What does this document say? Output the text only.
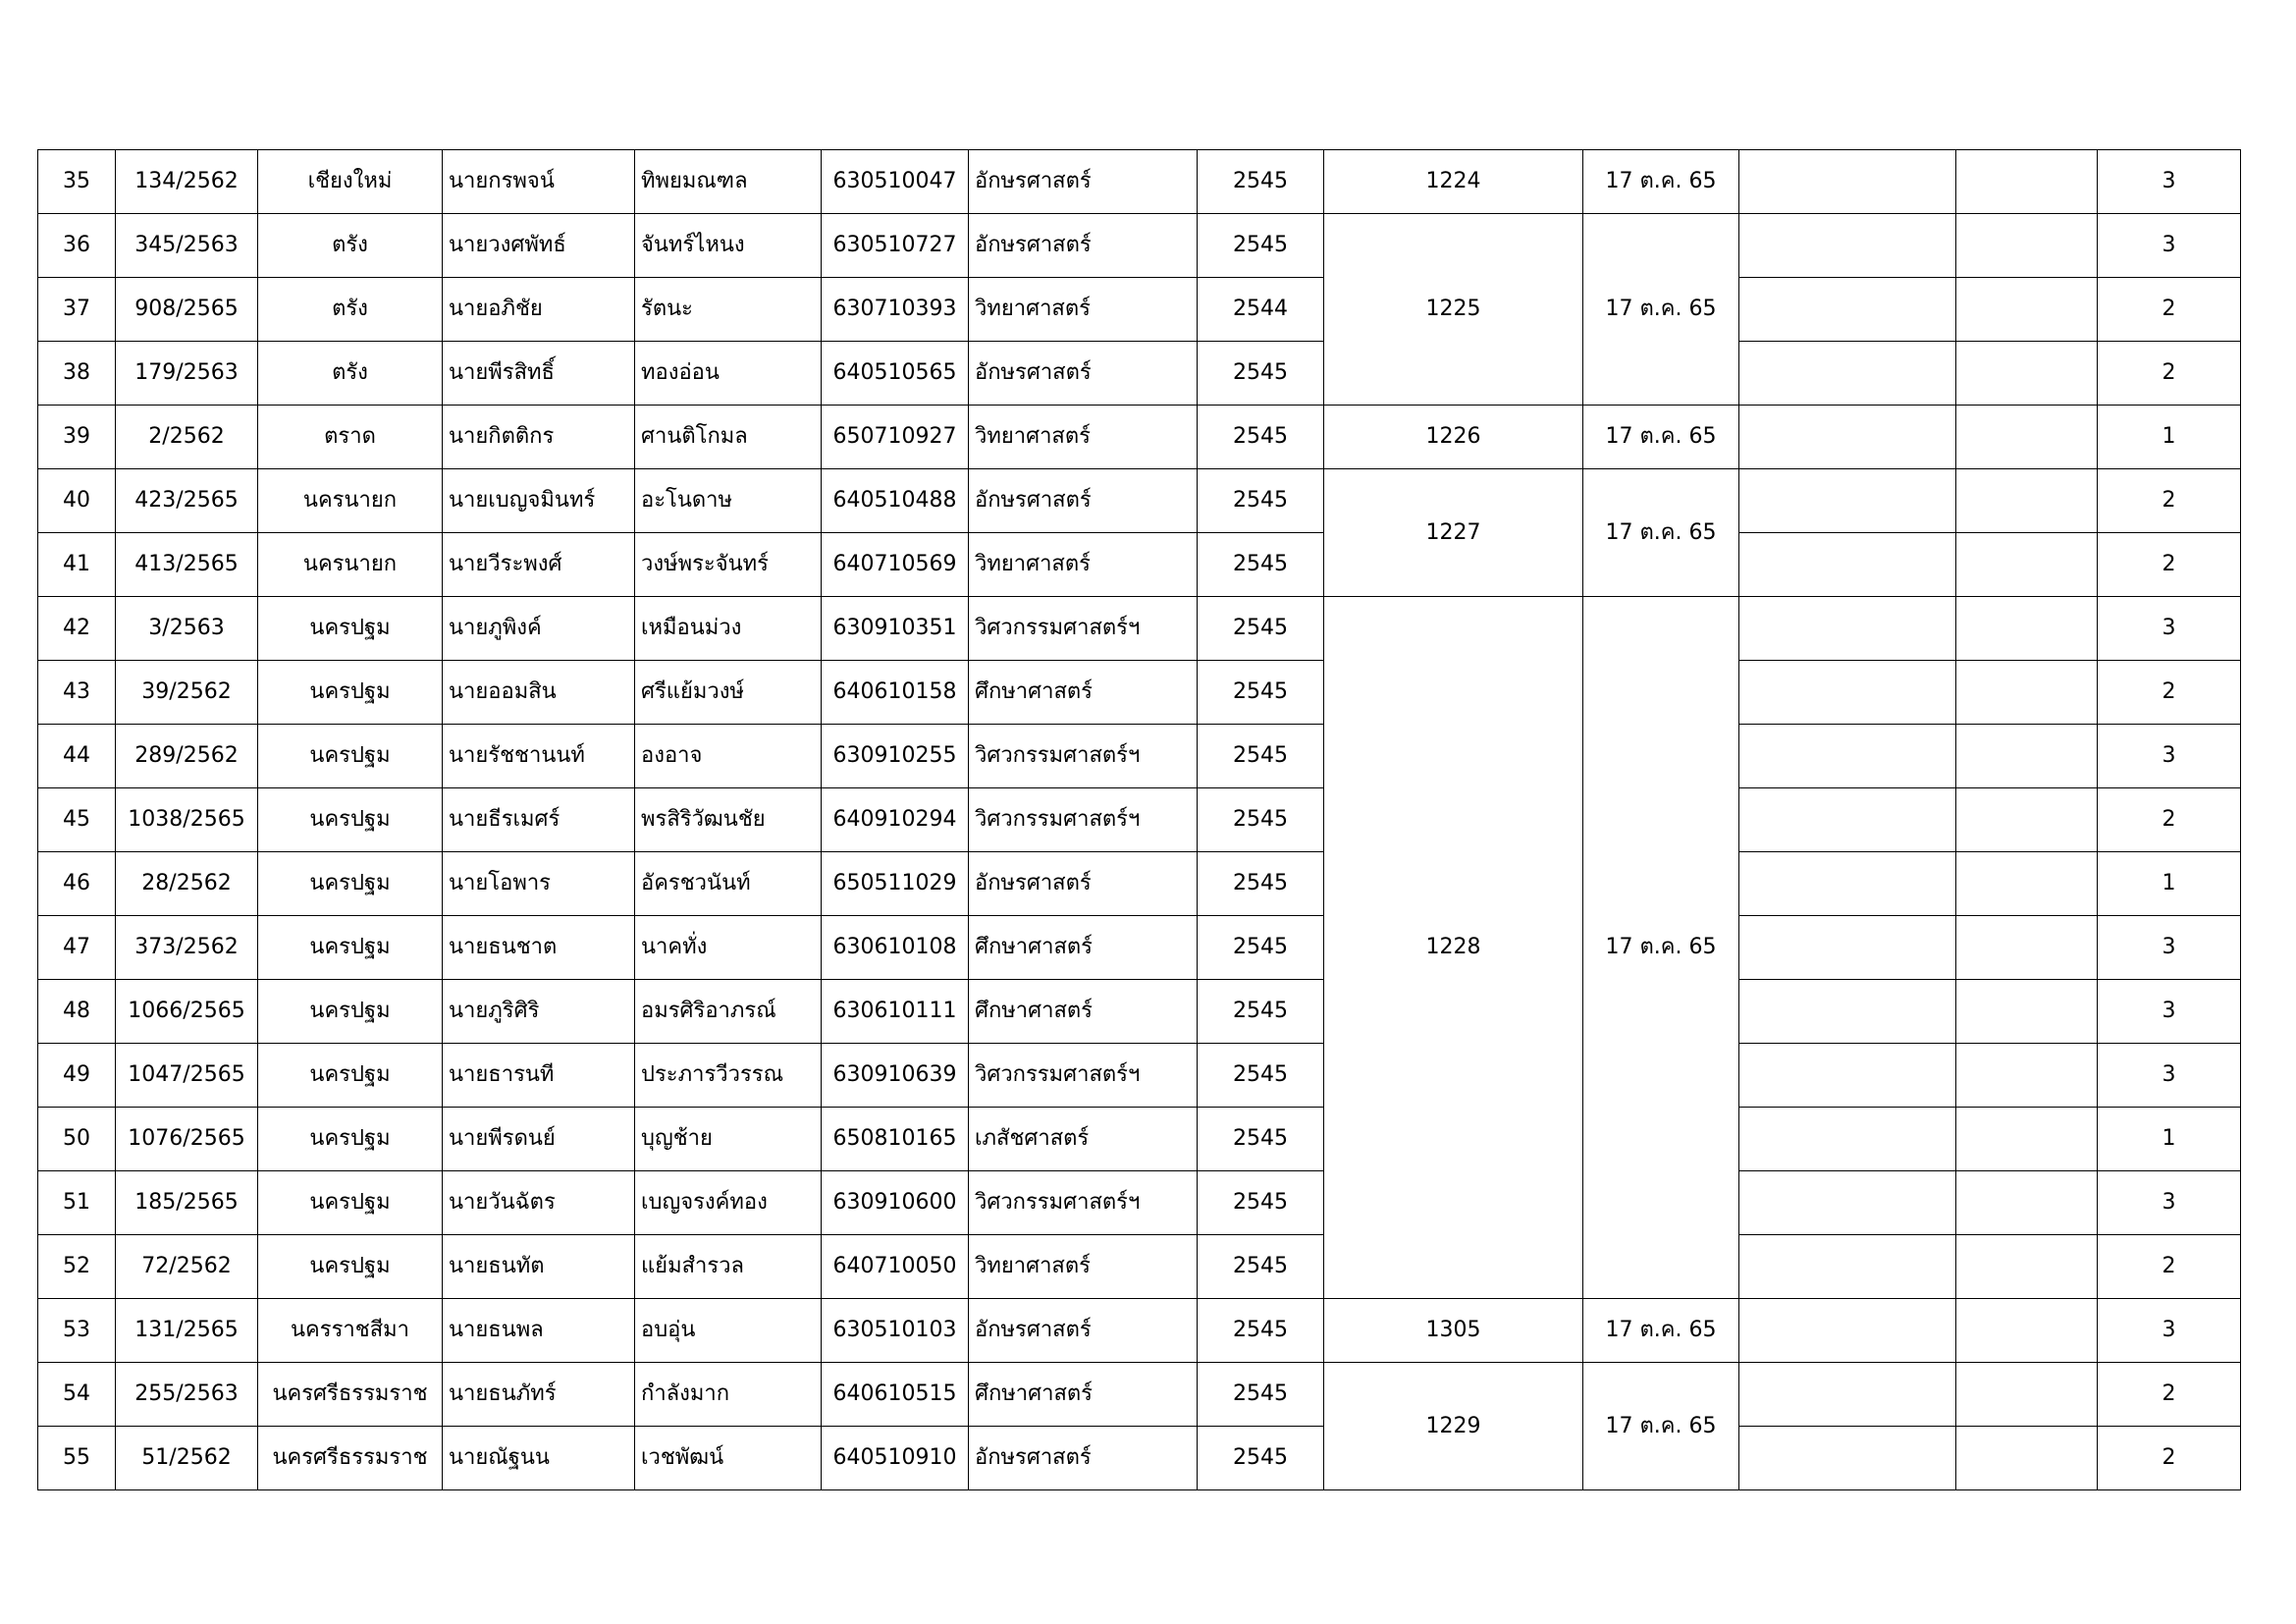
35	134/2562	เชียงใหม่	นายกรพจน์	ทิพยมณฑล	630510047	อักษรศาสตร์	2545	1224	17 ต.ค. 65			3
36	345/2563	ตรัง	นายวงศพัทธ์	จันทร์ไหนง	630510727	อักษรศาสตร์	2545	1225	17 ต.ค. 65			3
37	908/2565	ตรัง	นายอภิชัย	รัตนะ	630710393	วิทยาศาสตร์	2544					2
38	179/2563	ตรัง	นายพีรสิทธิ์	ทองอ่อน	640510565	อักษรศาสตร์	2545					2
39	2/2562	ตราด	นายกิตติกร	ศานติโกมล	650710927	วิทยาศาสตร์	2545	1226	17 ต.ค. 65			1
40	423/2565	นครนายก	นายเบญจมินทร์	อะโนดาษ	640510488	อักษรศาสตร์	2545	1227	17 ต.ค. 65			2
41	413/2565	นครนายก	นายวีระพงศ์	วงษ์พระจันทร์	640710569	วิทยาศาสตร์	2545					2
42	3/2563	นครปฐม	นายภูพิงค์	เหมือนม่วง	630910351	วิศวกรรมศาสตร์ฯ	2545	1228	17 ต.ค. 65			3
43	39/2562	นครปฐม	นายออมสิน	ศรีแย้มวงษ์	640610158	ศึกษาศาสตร์	2545					2
44	289/2562	นครปฐม	นายรัชชานนท์	องอาจ	630910255	วิศวกรรมศาสตร์ฯ	2545					3
45	1038/2565	นครปฐม	นายธีรเมศร์	พรสิริวัฒนชัย	640910294	วิศวกรรมศาสตร์ฯ	2545					2
46	28/2562	นครปฐม	นายโอพาร	อัครชวนันท์	650511029	อักษรศาสตร์	2545					1
47	373/2562	นครปฐม	นายธนชาต	นาคทั่ง	630610108	ศึกษาศาสตร์	2545					3
48	1066/2565	นครปฐม	นายภูริศิริ	อมรศิริอาภรณ์	630610111	ศึกษาศาสตร์	2545					3
49	1047/2565	นครปฐม	นายธารนที	ประภารวีวรรณ	630910639	วิศวกรรมศาสตร์ฯ	2545					3
50	1076/2565	นครปฐม	นายพีรดนย์	บุญช้าย	650810165	เภสัชศาสตร์	2545					1
51	185/2565	นครปฐม	นายวันฉัตร	เบญจรงค์ทอง	630910600	วิศวกรรมศาสตร์ฯ	2545					3
52	72/2562	นครปฐม	นายธนทัต	แย้มสำรวล	640710050	วิทยาศาสตร์	2545					2
53	131/2565	นครราชสีมา	นายธนพล	อบอุ่น	630510103	อักษรศาสตร์	2545	1305	17 ต.ค. 65			3
54	255/2563	นครศรีธรรมราช	นายธนภัทร์	กำลังมาก	640610515	ศึกษาศาสตร์	2545	1229	17 ต.ค. 65			2
55	51/2562	นครศรีธรรมราช	นายณัฐนน	เวชพัฒน์	640510910	อักษรศาสตร์	2545					2
